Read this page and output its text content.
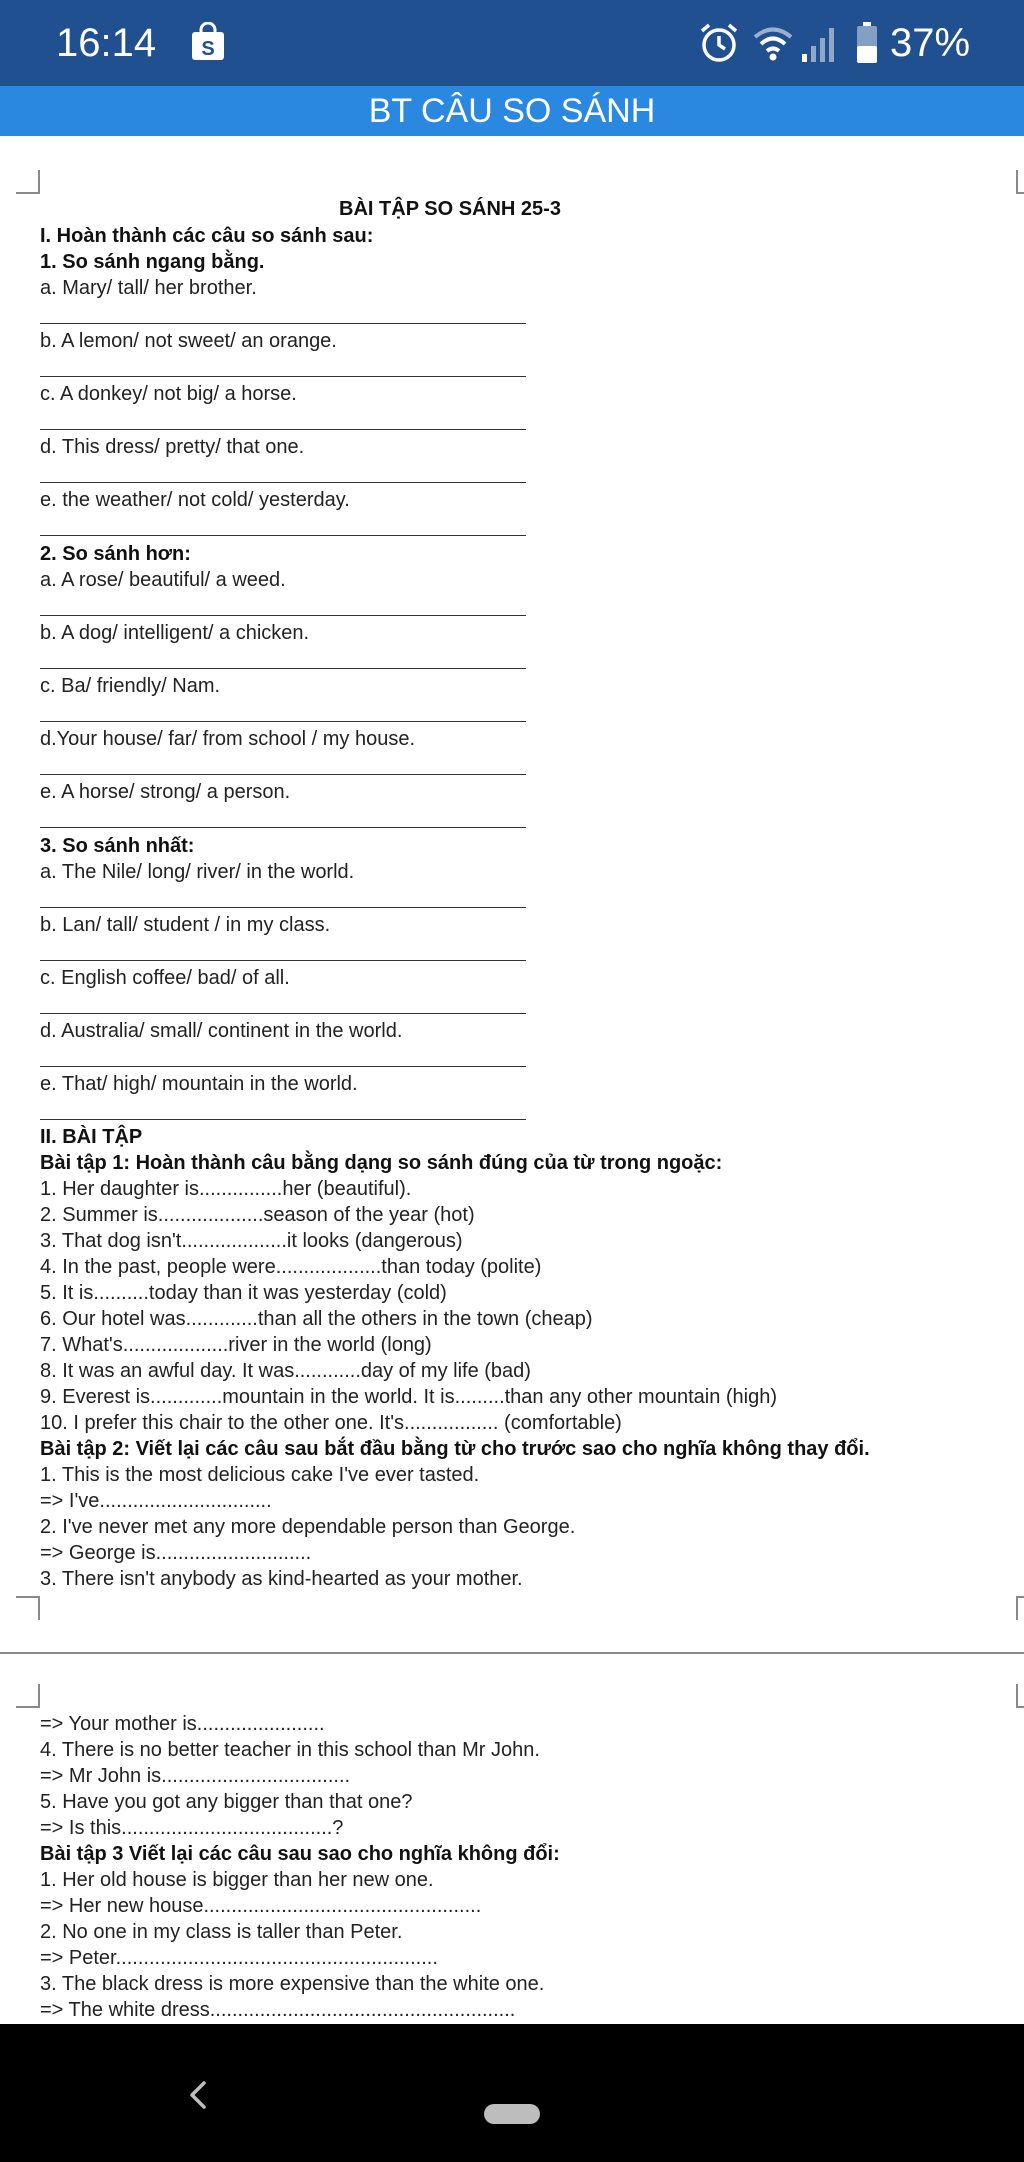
16:14 S	37%
BT CÂU SO SÁNH
BÀI TẬP SO SÁNH 25-3
I. Hoàn thành các câu so sánh sau:
1. So sánh ngang bằng.
a. Mary/ tall/ her brother.
b. A lemon/ not sweet/ an orange.
c. A donkey/ not big/ a horse.
d. This dress/ pretty/ that one.
e. the weather/ not cold/ yesterday.
2. So sánh hơn:
a. A rose/ beautiful/ a weed.
b. A dog/ intelligent/ a chicken.
c. Ba/ friendly/ Nam.
d.Your house/ far/ from school / my house.
e. A horse/ strong/ a person.
3. So sánh nhất:
a. The Nile/ long/ river/ in the world.
b. Lan/ tall/ student / in my class.
c. English coffee/ bad/ of all.
d. Australia/ small/ continent in the world.
e. That/ high/ mountain in the world.
II. BÀI TẬP
Bài tập 1: Hoàn thành câu bằng dạng so sánh đúng của từ trong ngoặc:
1. Her daughter is...............her (beautiful).
2. Summer is...................season of the year (hot)
3. That dog isn't...................it looks (dangerous)
4. In the past, people were...................than today (polite)
5. It is..........today than it was yesterday (cold)
6. Our hotel was.............than all the others in the town (cheap)
7. What's...................river in the world (long)
8. It was an awful day. It was............day of my life (bad)
9. Everest is.............mountain in the world. It is.........than any other mountain (high)
10. I prefer this chair to the other one. It's................. (comfortable)
Bài tập 2: Viết lại các câu sau bắt đầu bằng từ cho trước sao cho nghĩa không thay đổi.
1. This is the most delicious cake I've ever tasted.
=> I've...............................
2. I've never met any more dependable person than George.
=> George is............................
3. There isn't anybody as kind-hearted as your mother.
=> Your mother is.......................
4. There is no better teacher in this school than Mr John.
=> Mr John is..................................
5. Have you got any bigger than that one?
=> Is this......................................?
Bài tập 3 Viết lại các câu sau sao cho nghĩa không đổi:
1. Her old house is bigger than her new one.
=> Her new house..................................................
2. No one in my class is taller than Peter.
=> Peter..........................................................
3. The black dress is more expensive than the white one.
=> The white dress.......................................................
